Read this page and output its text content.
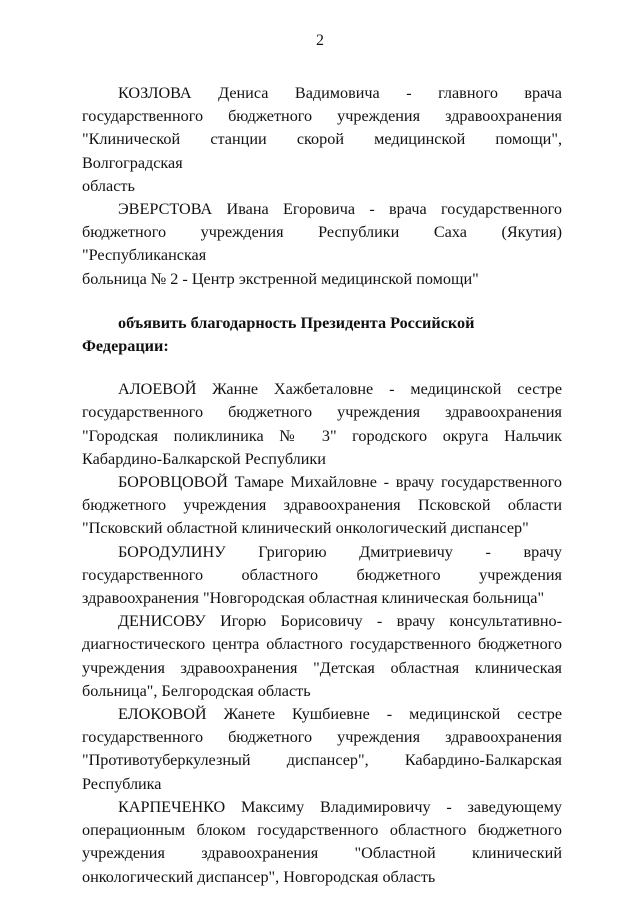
2
КОЗЛОВА Дениса Вадимовича - главного врача
государственного бюджетного учреждения здравоохранения
"Клинической станции скорой медицинской помощи", Волгоградская
область
ЭВЕРСТОВА Ивана Егоровича - врача государственного
бюджетного учреждения Республики Саха (Якутия) "Республиканская
больница № 2 - Центр экстренной медицинской помощи"
объявить благодарность Президента Российской Федерации:
АЛОЕВОЙ Жанне Хажбеталовне - медицинской сестре
государственного бюджетного учреждения здравоохранения
"Городская поликлиника № 3" городского округа Нальчик
Кабардино-Балкарской Республики
БОРОВЦОВОЙ Тамаре Михайловне - врачу государственного
бюджетного учреждения здравоохранения Псковской области
"Псковский областной клинический онкологический диспансер"
БОРОДУЛИНУ Григорию Дмитриевичу - врачу
государственного областного бюджетного учреждения
здравоохранения "Новгородская областная клиническая больница"
ДЕНИСОВУ Игорю Борисовичу - врачу консультативно-
диагностического центра областного государственного бюджетного
учреждения здравоохранения "Детская областная клиническая
больница", Белгородская область
ЕЛОКОВОЙ Жанете Кушбиевне - медицинской сестре
государственного бюджетного учреждения здравоохранения
"Противотуберкулезный диспансер", Кабардино-Балкарская
Республика
КАРПЕЧЕНКО Максиму Владимировичу - заведующему
операционным блоком государственного областного бюджетного
учреждения здравоохранения "Областной клинический
онкологический диспансер", Новгородская область
